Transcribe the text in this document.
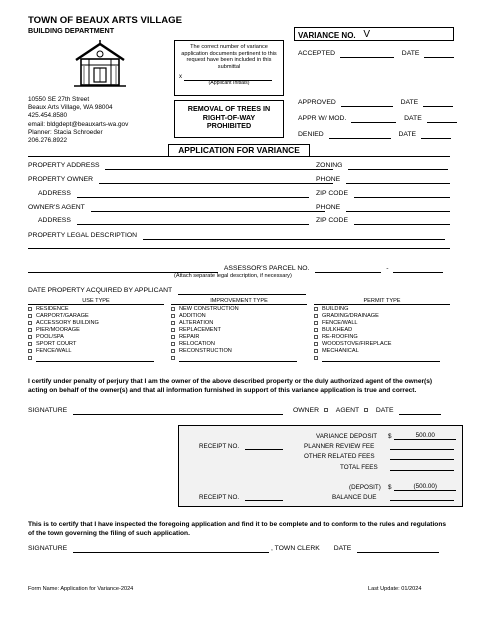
TOWN OF BEAUX ARTS VILLAGE
BUILDING DEPARTMENT
10550 SE 27th Street
Beaux Arts Village, WA 98004
425.454.8580
email: bldgdept@beauxarts-wa.gov
Planner: Stacia Schroeder
206.276.8922
The correct number of variance application documents pertinent to this request have been included in this submittal
x
(Applicant Initials)
REMOVAL OF TREES IN RIGHT-OF-WAY PROHIBITED
VARIANCE NO. V
ACCEPTED	DATE
APPROVED	DATE
APPR W/ MOD.	DATE
DENIED	DATE
APPLICATION FOR VARIANCE
PROPERTY ADDRESS	ZONING
PROPERTY OWNER	PHONE
ADDRESS	ZIP CODE
OWNER'S AGENT	PHONE
ADDRESS	ZIP CODE
PROPERTY LEGAL DESCRIPTION
ASSESSOR'S PARCEL NO.	-
(Attach separate legal description, if necessary)
DATE PROPERTY ACQUIRED BY APPLICANT
USE TYPE
RESIDENCE
CARPORT/GARAGE
ACCESSORY BUILDING
PIER/MOORAGE
POOL/SPA
SPORT COURT
FENCE/WALL
IMPROVEMENT TYPE
NEW CONSTRUCTION
ADDITION
ALTERATION
REPLACEMENT
REPAIR
RELOCATION
RECONSTRUCTION
PERMIT TYPE
BUILDING
GRADING/DRAINAGE
FENCE/WALL
BULKHEAD
RE-ROOFING
WOODSTOVE/FIREPLACE
MECHANICAL
I certify under penalty of perjury that I am the owner of the above described property or the duly authorized agent of the owner(s) acting on behalf of the owner(s) and that all information furnished in support of this variance application is true and correct.
SIGNATURE	OWNER AGENT DATE
VARIANCE DEPOSIT $	500.00
RECEIPT NO.	PLANNER REVIEW FEE
OTHER RELATED FEES
TOTAL FEES
(DEPOSIT) $	(500.00)
RECEIPT NO.	BALANCE DUE
This is to certify that I have inspected the foregoing application and find it to be complete and to conform to the rules and regulations of the town governing the filing of such application.
SIGNATURE	, TOWN CLERK DATE
Form Name: Application for Variance-2024	Last Update: 01/2024
